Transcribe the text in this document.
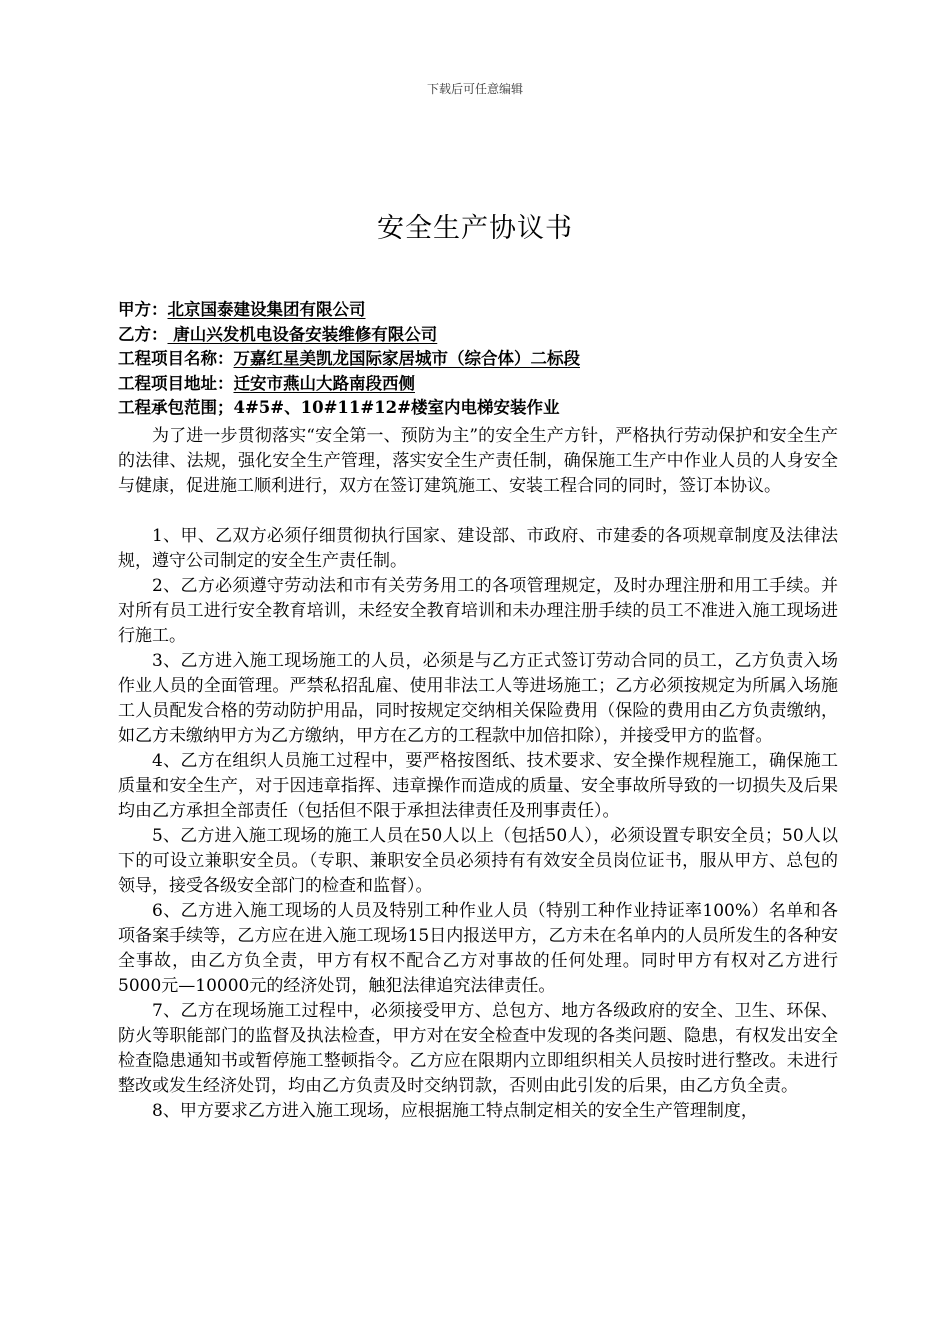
下载后可任意编辑
安全生产协议书
甲方：北京国泰建设集团有限公司
乙方： 唐山兴发机电设备安装维修有限公司
工程项目名称：万嘉红星美凯龙国际家居城市（综合体）二标段
工程项目地址：迁安市燕山大路南段西侧
工程承包范围；4#5#、10#11#12#楼室内电梯安装作业

为了进一步贯彻落实“安全第一、预防为主”的安全生产方针，严格执行劳动保护和安全生产的法律、法规，强化安全生产管理，落实安全生产责任制，确保施工生产中作业人员的人身安全与健康，促进施工顺利进行，双方在签订建筑施工、安装工程合同的同时，签订本协议。

1、甲、乙双方必须仔细贯彻执行国家、建设部、市政府、市建委的各项规章制度及法律法规，遵守公司制定的安全生产责任制。

2、乙方必须遵守劳动法和市有关劳务用工的各项管理规定，及时办理注册和用工手续。并对所有员工进行安全教育培训，未经安全教育培训和未办理注册手续的员工不准进入施工现场进行施工。

3、乙方进入施工现场施工的人员，必须是与乙方正式签订劳动合同的员工，乙方负责入场作业人员的全面管理。严禁私招乱雇、使用非法工人等进场施工；乙方必须按规定为所属入场施工人员配发合格的劳动防护用品，同时按规定交纳相关保险费用（保险的费用由乙方负责缴纳，如乙方未缴纳甲方为乙方缴纳，甲方在乙方的工程款中加倍扣除），并接受甲方的监督。

4、乙方在组织人员施工过程中，要严格按图纸、技术要求、安全操作规程施工，确保施工质量和安全生产，对于因违章指挥、违章操作而造成的质量、安全事故所导致的一切损失及后果均由乙方承担全部责任（包括但不限于承担法律责任及刑事责任）。

5、乙方进入施工现场的施工人员在50人以上（包括50人），必须设置专职安全员；50人以下的可设立兼职安全员。（专职、兼职安全员必须持有有效安全员岗位证书，服从甲方、总包的领导，接受各级安全部门的检查和监督）。

6、乙方进入施工现场的人员及特别工种作业人员（特别工种作业持证率100%）名单和各项备案手续等，乙方应在进入施工现场15日内报送甲方，乙方未在名单内的人员所发生的各种安全事故，由乙方负全责，甲方有权不配合乙方对事故的任何处理。同时甲方有权对乙方进行5000元—10000元的经济处罚，触犯法律追究法律责任。

7、乙方在现场施工过程中，必须接受甲方、总包方、地方各级政府的安全、卫生、环保、防火等职能部门的监督及执法检查，甲方对在安全检查中发现的各类问题、隐患，有权发出安全检查隐患通知书或暂停施工整顿指令。乙方应在限期内立即组织相关人员按时进行整改。未进行整改或发生经济处罚，均由乙方负责及时交纳罚款，否则由此引发的后果，由乙方负全责。

8、甲方要求乙方进入施工现场，应根据施工特点制定相关的安全生产管理制度，
